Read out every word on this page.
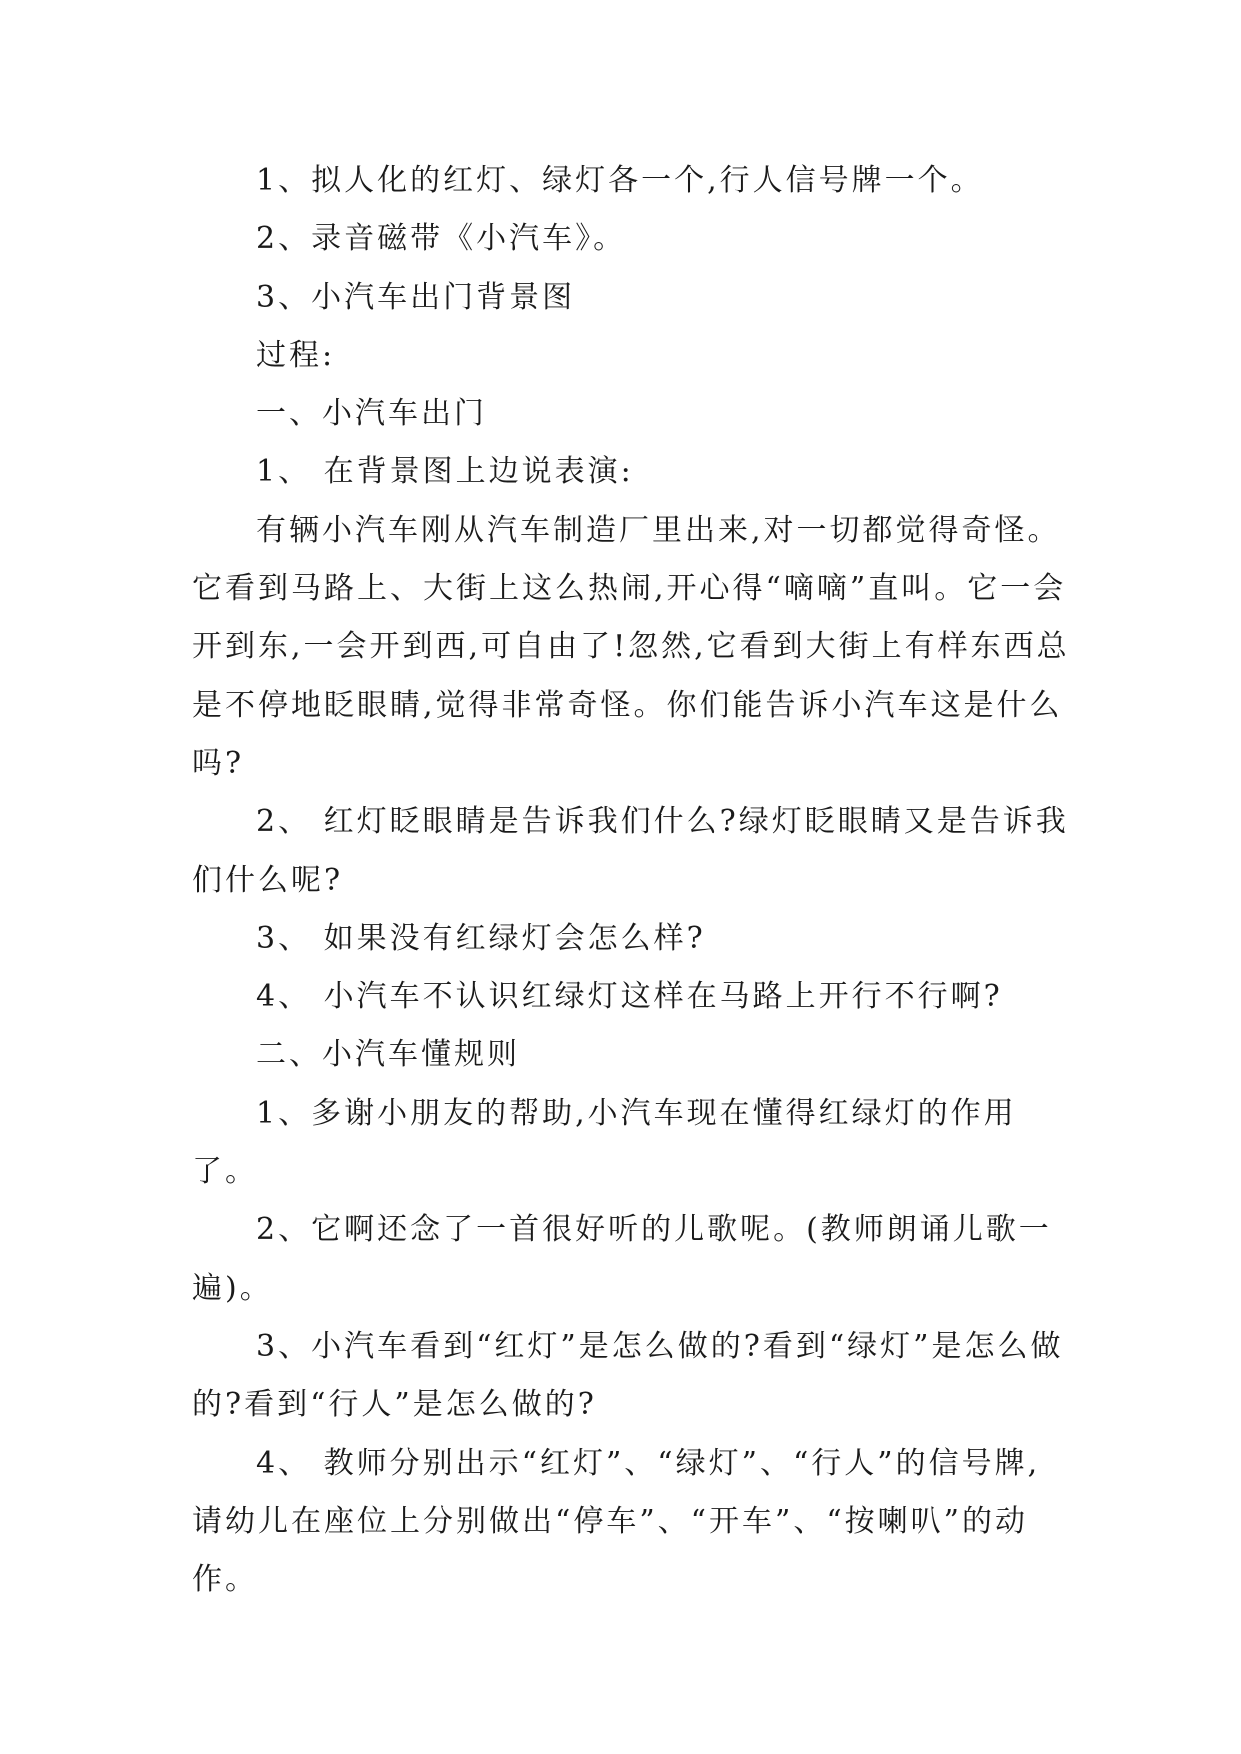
1、拟人化的红灯、绿灯各一个,行人信号牌一个。

2、录音磁带《小汽车》。

3、小汽车出门背景图

过程:

一、小汽车出门

1、 在背景图上边说表演:

有辆小汽车刚从汽车制造厂里出来,对一切都觉得奇怪。它看到马路上、大街上这么热闹,开心得“嘀嘀”直叫。它一会开到东,一会开到西,可自由了!忽然,它看到大街上有样东西总是不停地眨眼睛,觉得非常奇怪。你们能告诉小汽车这是什么吗?

2、 红灯眨眼睛是告诉我们什么?绿灯眨眼睛又是告诉我们什么呢?

3、 如果没有红绿灯会怎么样?

4、 小汽车不认识红绿灯这样在马路上开行不行啊?

二、小汽车懂规则

1、多谢小朋友的帮助,小汽车现在懂得红绿灯的作用了。

2、它啊还念了一首很好听的儿歌呢。(教师朗诵儿歌一遍)。

3、小汽车看到“红灯”是怎么做的?看到“绿灯”是怎么做的?看到“行人”是怎么做的?

4、 教师分别出示“红灯”、“绿灯”、“行人”的信号牌,请幼儿在座位上分别做出“停车”、“开车”、“按喇叭”的动作。
